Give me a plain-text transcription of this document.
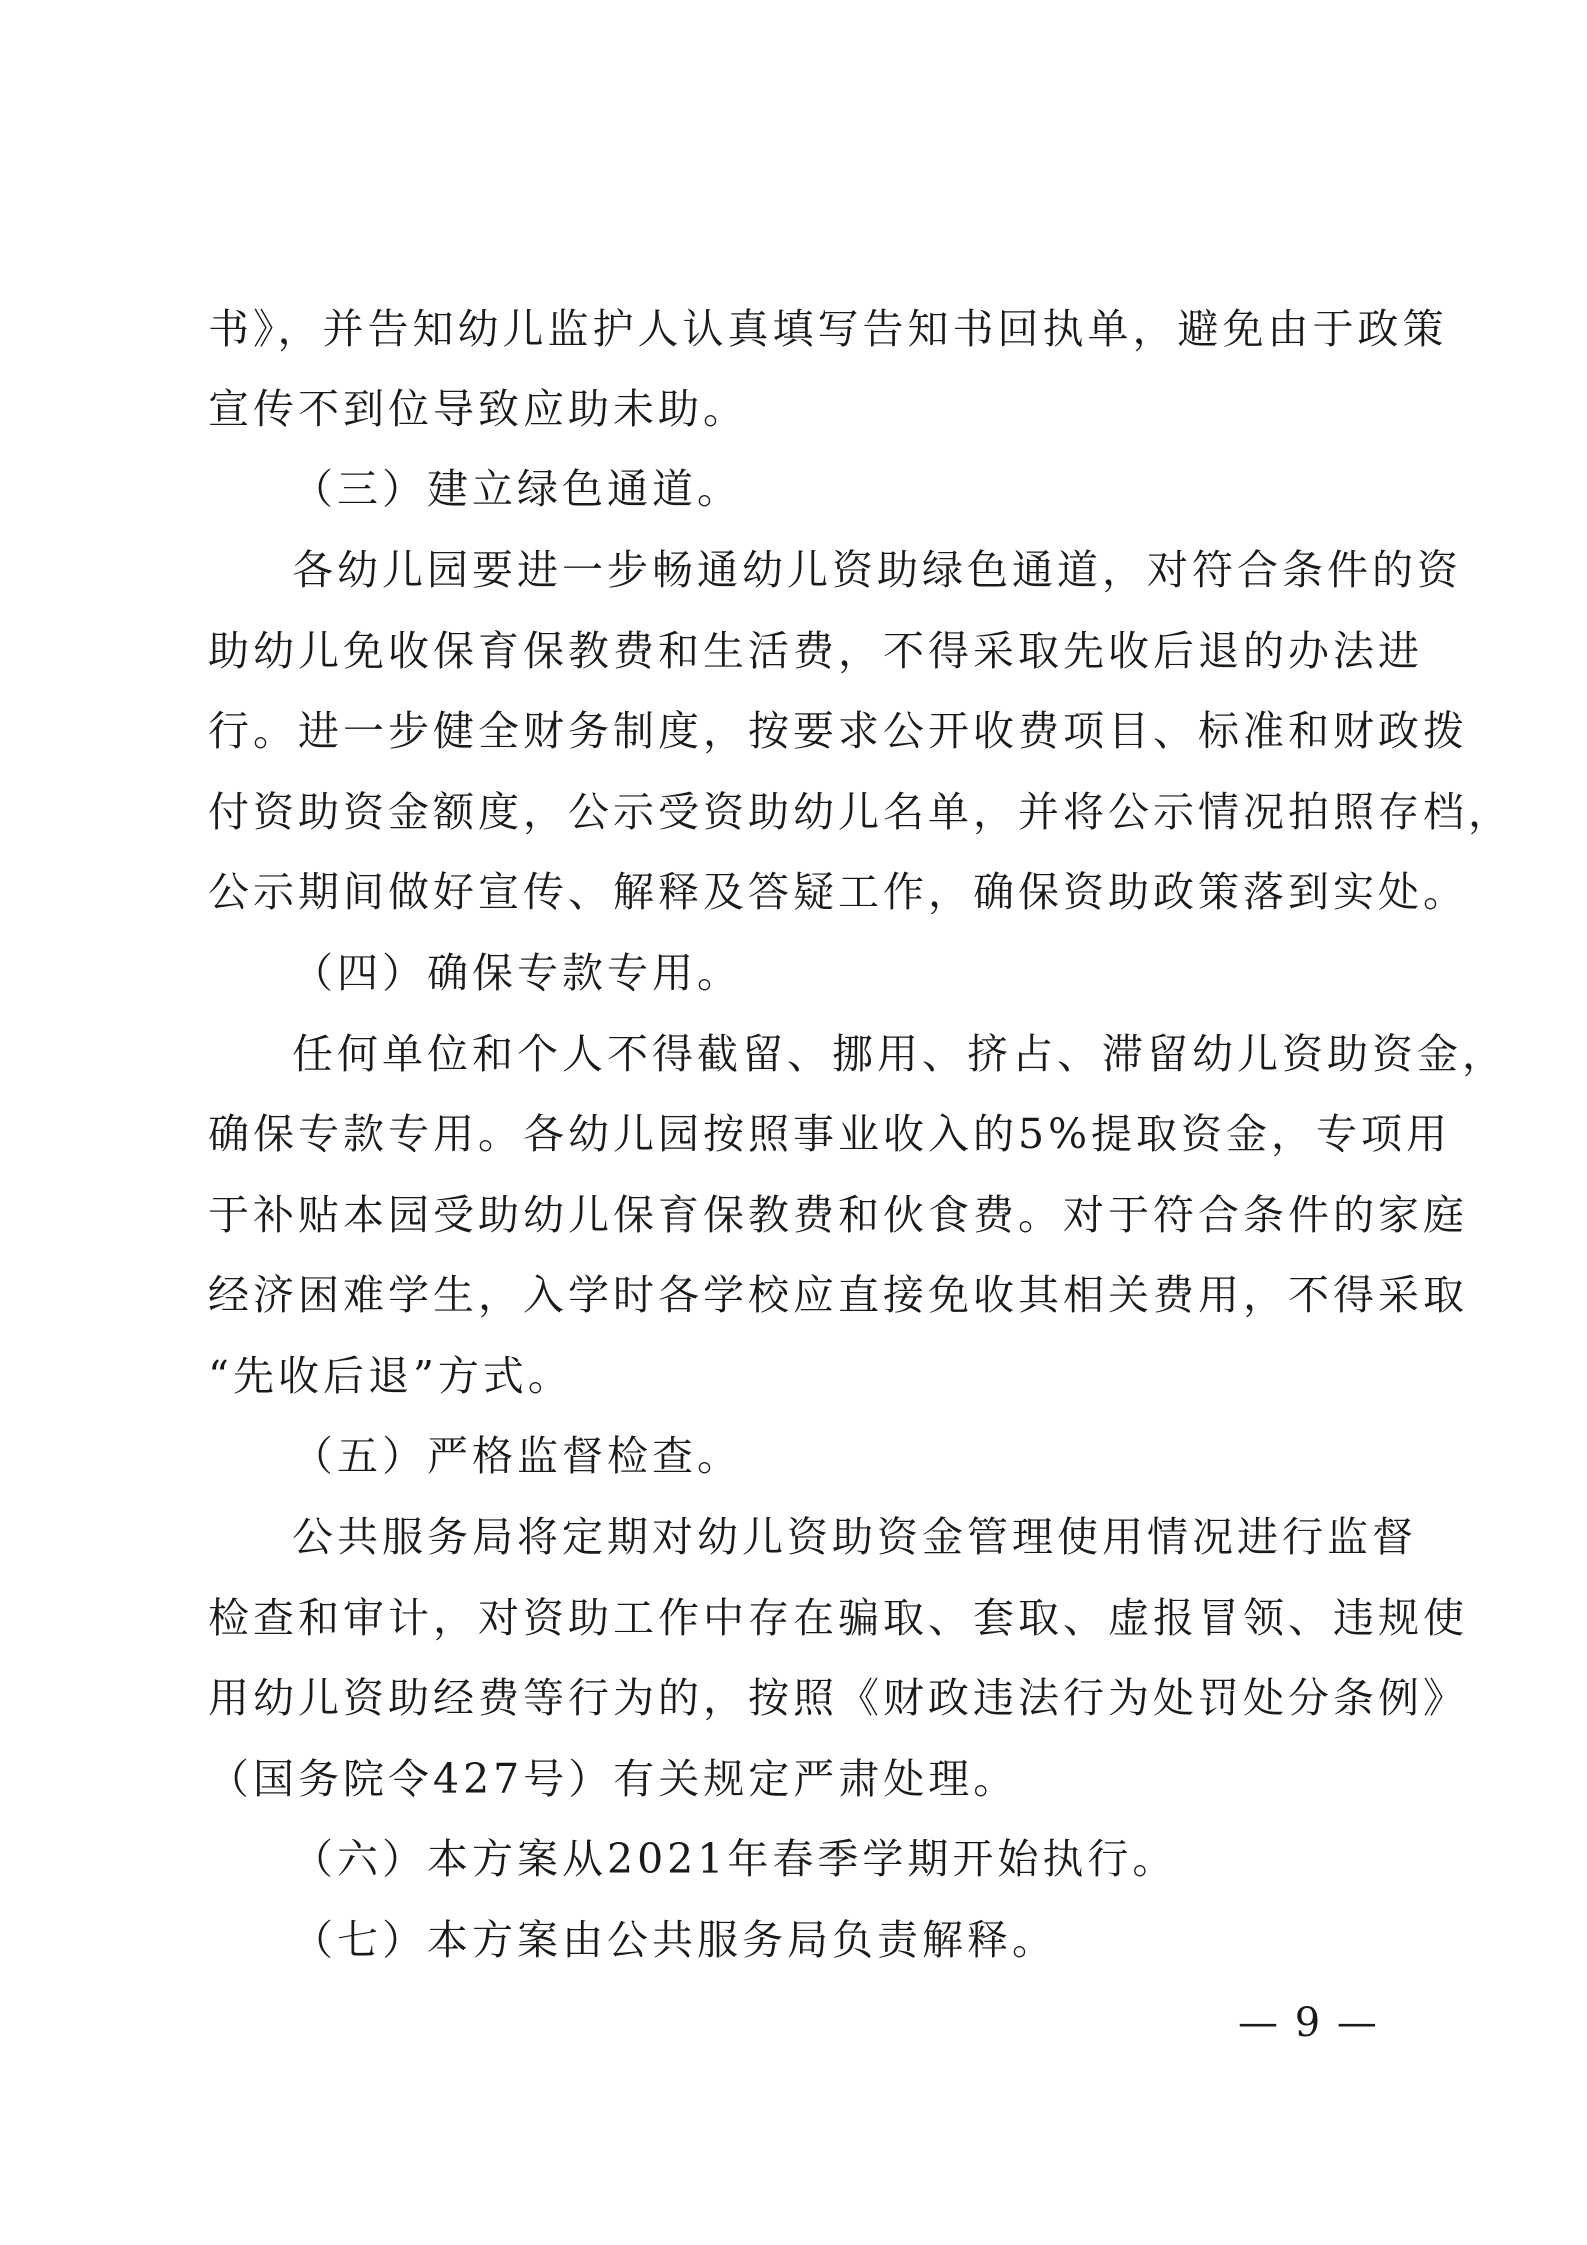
书》，并告知幼儿监护人认真填写告知书回执单，避免由于政策
宣传不到位导致应助未助。
（三）建立绿色通道。
各幼儿园要进一步畅通幼儿资助绿色通道，对符合条件的资
助幼儿免收保育保教费和生活费，不得采取先收后退的办法进
行。进一步健全财务制度，按要求公开收费项目、标准和财政拨
付资助资金额度，公示受资助幼儿名单，并将公示情况拍照存档，
公示期间做好宣传、解释及答疑工作，确保资助政策落到实处。
（四）确保专款专用。
任何单位和个人不得截留、挪用、挤占、滞留幼儿资助资金，
确保专款专用。各幼儿园按照事业收入的5%提取资金，专项用
于补贴本园受助幼儿保育保教费和伙食费。对于符合条件的家庭
经济困难学生，入学时各学校应直接免收其相关费用，不得采取
“先收后退”方式。
（五）严格监督检查。
公共服务局将定期对幼儿资助资金管理使用情况进行监督
检查和审计，对资助工作中存在骗取、套取、虚报冒领、违规使
用幼儿资助经费等行为的，按照《财政违法行为处罚处分条例》
（国务院令427号）有关规定严肃处理。
（六）本方案从2021年春季学期开始执行。
（七）本方案由公共服务局负责解释。
— 9 —
